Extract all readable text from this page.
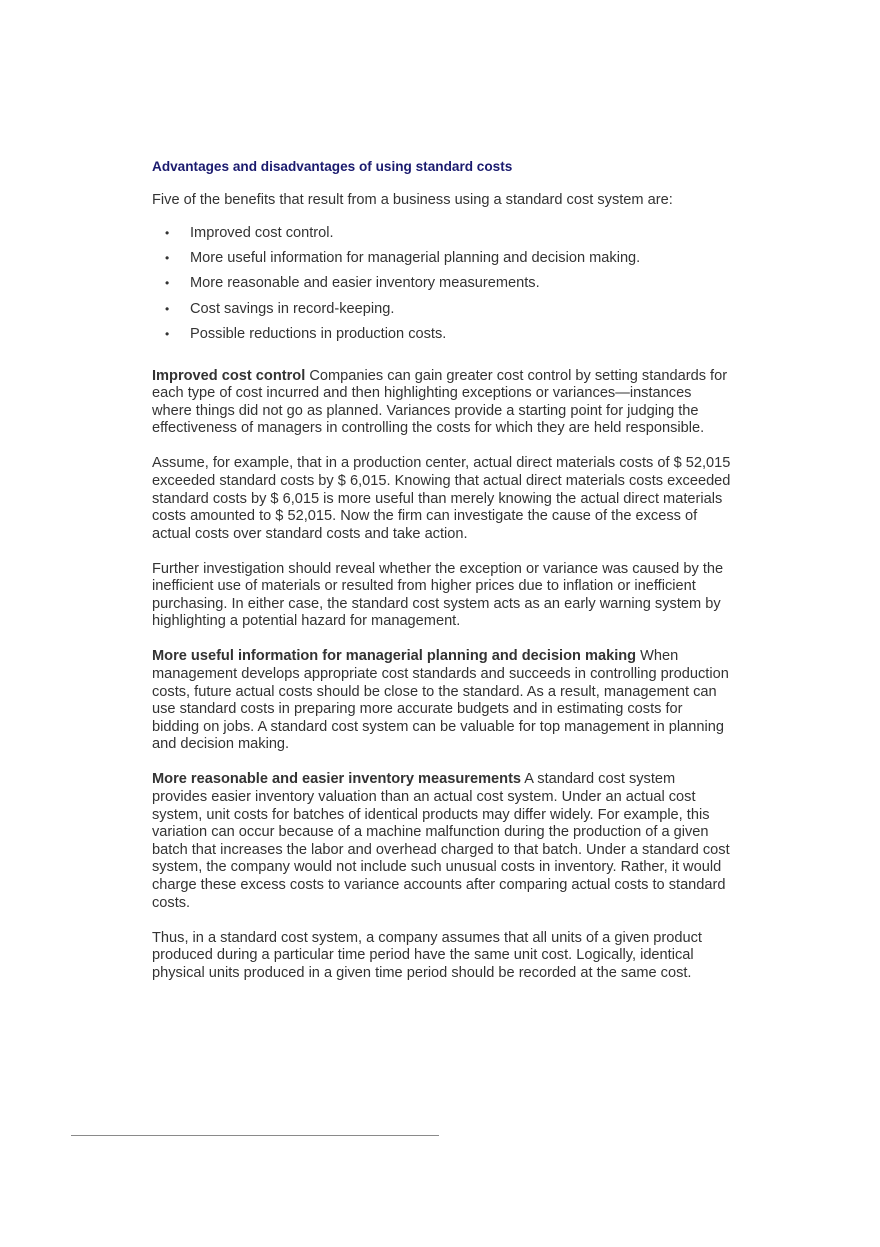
Advantages and disadvantages of using standard costs

Five of the benefits that result from a business using a standard cost system are:

• Improved cost control.
• More useful information for managerial planning and decision making.
• More reasonable and easier inventory measurements.
• Cost savings in record-keeping.
• Possible reductions in production costs.

Improved cost control Companies can gain greater cost control by setting standards for each type of cost incurred and then highlighting exceptions or variances—instances where things did not go as planned. Variances provide a starting point for judging the effectiveness of managers in controlling the costs for which they are held responsible.

Assume, for example, that in a production center, actual direct materials costs of $ 52,015 exceeded standard costs by $ 6,015. Knowing that actual direct materials costs exceeded standard costs by $ 6,015 is more useful than merely knowing the actual direct materials costs amounted to $ 52,015. Now the firm can investigate the cause of the excess of actual costs over standard costs and take action.

Further investigation should reveal whether the exception or variance was caused by the inefficient use of materials or resulted from higher prices due to inflation or inefficient purchasing. In either case, the standard cost system acts as an early warning system by highlighting a potential hazard for management.

More useful information for managerial planning and decision making When management develops appropriate cost standards and succeeds in controlling production costs, future actual costs should be close to the standard. As a result, management can use standard costs in preparing more accurate budgets and in estimating costs for bidding on jobs. A standard cost system can be valuable for top management in planning and decision making.

More reasonable and easier inventory measurements A standard cost system provides easier inventory valuation than an actual cost system. Under an actual cost system, unit costs for batches of identical products may differ widely. For example, this variation can occur because of a machine malfunction during the production of a given batch that increases the labor and overhead charged to that batch. Under a standard cost system, the company would not include such unusual costs in inventory. Rather, it would charge these excess costs to variance accounts after comparing actual costs to standard costs.

Thus, in a standard cost system, a company assumes that all units of a given product produced during a particular time period have the same unit cost. Logically, identical physical units produced in a given time period should be recorded at the same cost.
